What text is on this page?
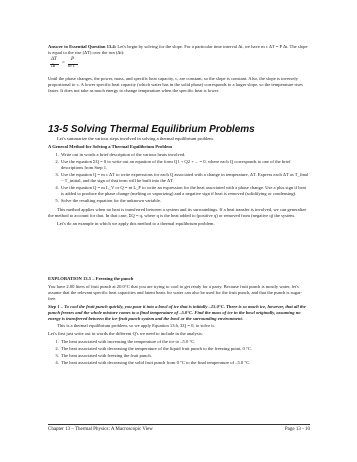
Answer to Essential Question 13.4: Let's begin by solving for the slope. For a particular time interval Δt, we have m c ΔT = P Δt. The slope is equal to the rise (ΔT) over the run (Δt):

ΔT
Δt
=
P
m c

Until the phase changes, the power, mass, and specific heat capacity, c, are constant, so the slope is constant. Also, the slope is inversely proportional to c. A lower specific heat capacity (which water has in the solid phase) corresponds to a larger slope, so the temperature rises faster. It does not take as much energy to change temperature when the specific heat is lower.

13-5 Solving Thermal Equilibrium Problems

Let's summarize the various steps involved in solving a thermal equilibrium problem.

A General Method for Solving a Thermal Equilibrium Problem

1. Write out in words a brief description of the various heats involved.
2. Use the equation ΣQ = 0 to write out an equation of the form Q1 + Q2 + ... = 0, where each Q corresponds to one of the brief descriptions from Step 1.
3. Use the equation Q = m c ΔT to write expressions for each Q associated with a change in temperature, ΔT. Express each ΔT as T_final − T_initial, and the sign of that term will be built into the ΔT.
4. Use the equation Q = m L_V or Q = m L_F to write an expression for the heat associated with a phase change. Use a plus sign if heat is added to produce the phase change (melting or vaporizing) and a negative sign if heat is removed (solidifying or condensing).
5. Solve the resulting equation for the unknown variable.

This method applies when no heat is transferred between a system and its surroundings. If a heat transfer is involved, we can generalize the method to account for that. In that case, ΣQ = q, where q is the heat added to (positive q) or removed from (negative q) the system.

Let's do an example in which we apply this method to a thermal equilibrium problem.

EXPLORATION 13.5 – Freezing the punch

You have 2.00 liters of fruit punch at 20.0°C that you are trying to cool to get ready for a party. Because fruit punch is mostly water, let's assume that the relevant specific heat capacities and latent heats for water can also be used for the fruit punch, and that the punch is sugar-free.

Step 1 – To cool the fruit punch quickly, you pour it into a bowl of ice that is initially –15.0°C. There is so much ice, however, that all the punch freezes and the whole mixture comes to a final temperature of –5.0°C. Find the mass of ice in the bowl originally, assuming no energy is transferred between the ice-fruit punch system and the bowl or the surrounding environment.

This is a thermal equilibrium problem, so we apply Equation 13.6, ΣQ = 0, to solve it.

Let's first just write out in words the different Q's we need to include in the analysis:

1. The heat associated with increasing the temperature of the ice to –5.0 °C.
2. The heat associated with decreasing the temperature of the liquid fruit punch to the freezing point, 0 °C.
3. The heat associated with freezing the fruit punch.
4. The heat associated with decreasing the solid fruit punch from 0 °C to the final temperature of –5.0 °C.
Chapter 13 – Thermal Physics: A Macroscopic View	Page 13 - 10
